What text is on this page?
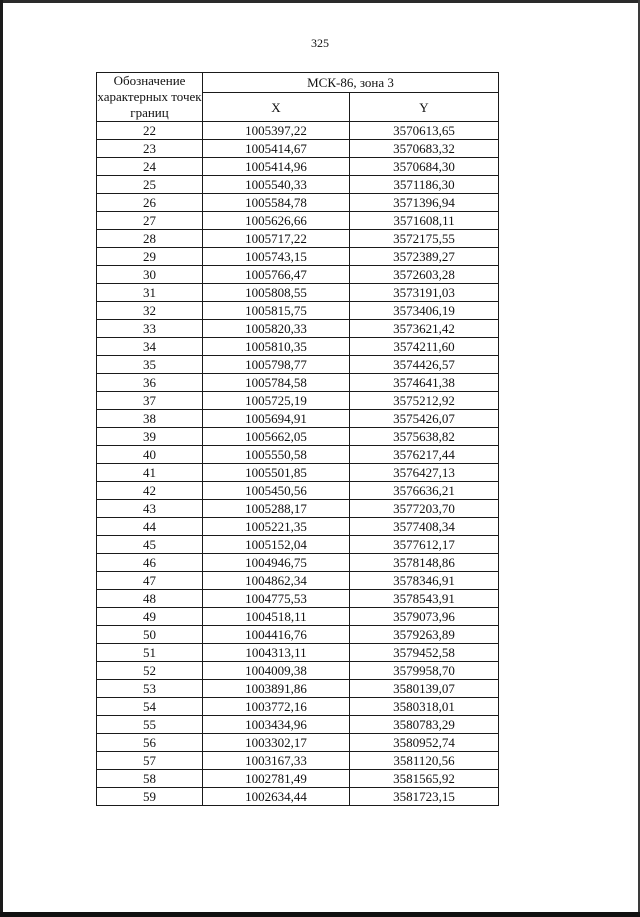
325
Обозначение характерных точек границ	МСК-86, зона 3	
	X	Y
22	1005397,22	3570613,65
23	1005414,67	3570683,32
24	1005414,96	3570684,30
25	1005540,33	3571186,30
26	1005584,78	3571396,94
27	1005626,66	3571608,11
28	1005717,22	3572175,55
29	1005743,15	3572389,27
30	1005766,47	3572603,28
31	1005808,55	3573191,03
32	1005815,75	3573406,19
33	1005820,33	3573621,42
34	1005810,35	3574211,60
35	1005798,77	3574426,57
36	1005784,58	3574641,38
37	1005725,19	3575212,92
38	1005694,91	3575426,07
39	1005662,05	3575638,82
40	1005550,58	3576217,44
41	1005501,85	3576427,13
42	1005450,56	3576636,21
43	1005288,17	3577203,70
44	1005221,35	3577408,34
45	1005152,04	3577612,17
46	1004946,75	3578148,86
47	1004862,34	3578346,91
48	1004775,53	3578543,91
49	1004518,11	3579073,96
50	1004416,76	3579263,89
51	1004313,11	3579452,58
52	1004009,38	3579958,70
53	1003891,86	3580139,07
54	1003772,16	3580318,01
55	1003434,96	3580783,29
56	1003302,17	3580952,74
57	1003167,33	3581120,56
58	1002781,49	3581565,92
59	1002634,44	3581723,15
